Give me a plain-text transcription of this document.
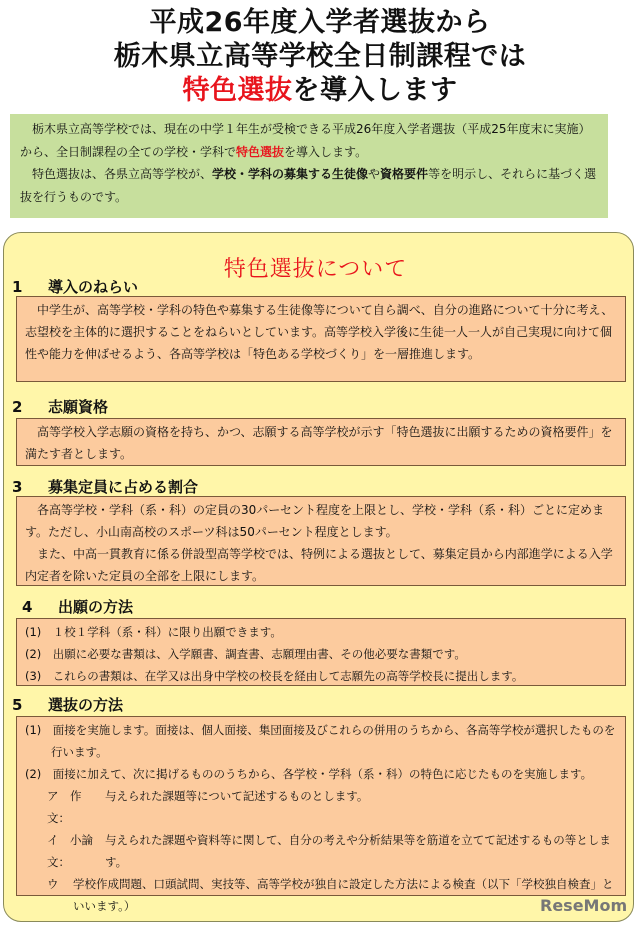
平成26年度入学者選抜から
栃木県立高等学校全日制課程では
特色選抜を導入します

栃木県立高等学校では、現在の中学１年生が受検できる平成26年度入学者選抜（平成25年度末に実施）から、全日制課程の全ての学校・学科で特色選抜を導入します。

特色選抜は、各県立高等学校が、学校・学科の募集する生徒像や資格要件等を明示し、それらに基づく選抜を行うものです。

特色選抜について
1 導入のねらい

中学生が、高等学校・学科の特色や募集する生徒像等について自ら調べ、自分の進路について十分に考え、志望校を主体的に選択することをねらいとしています。高等学校入学後に生徒一人一人が自己実現に向けて個性や能力を伸ばせるよう、各高等学校は「特色ある学校づくり」を一層推進します。

2 志願資格

高等学校入学志願の資格を持ち、かつ、志願する高等学校が示す「特色選抜に出願するための資格要件」を満たす者とします。

3 募集定員に占める割合

各高等学校・学科（系・科）の定員の30パーセント程度を上限とし、学校・学科（系・科）ごとに定めます。ただし、小山南高校のスポーツ科は50パーセント程度とします。

また、中高一貫教育に係る併設型高等学校では、特例による選抜として、募集定員から内部進学による入学内定者を除いた定員の全部を上限にします。

4 出願の方法

(1)　１校１学科（系・科）に限り出願できます。

(2)　出願に必要な書類は、入学願書、調査書、志願理由書、その他必要な書類です。

(3)　これらの書類は、在学又は出身中学校の校長を経由して志願先の高等学校長に提出します。

5 選抜の方法

(1)　面接を実施します。面接は、個人面接、集団面接及びこれらの併用のうちから、各高等学校が選択したものを行います。

(2)　面接に加えて、次に掲げるもののうちから、各学校・学科（系・科）の特色に応じたものを実施します。

ア　作　文：
与えられた課題等について記述するものとします。
イ　小論文：
与えられた課題や資料等に関して、自分の考えや分析結果等を筋道を立てて記述するもの等とします。
ウ	学校作成問題、口頭試問、実技等、高等学校が独自に設定した方法による検査（以下「学校独自検査」といいます。）	ReseMom
